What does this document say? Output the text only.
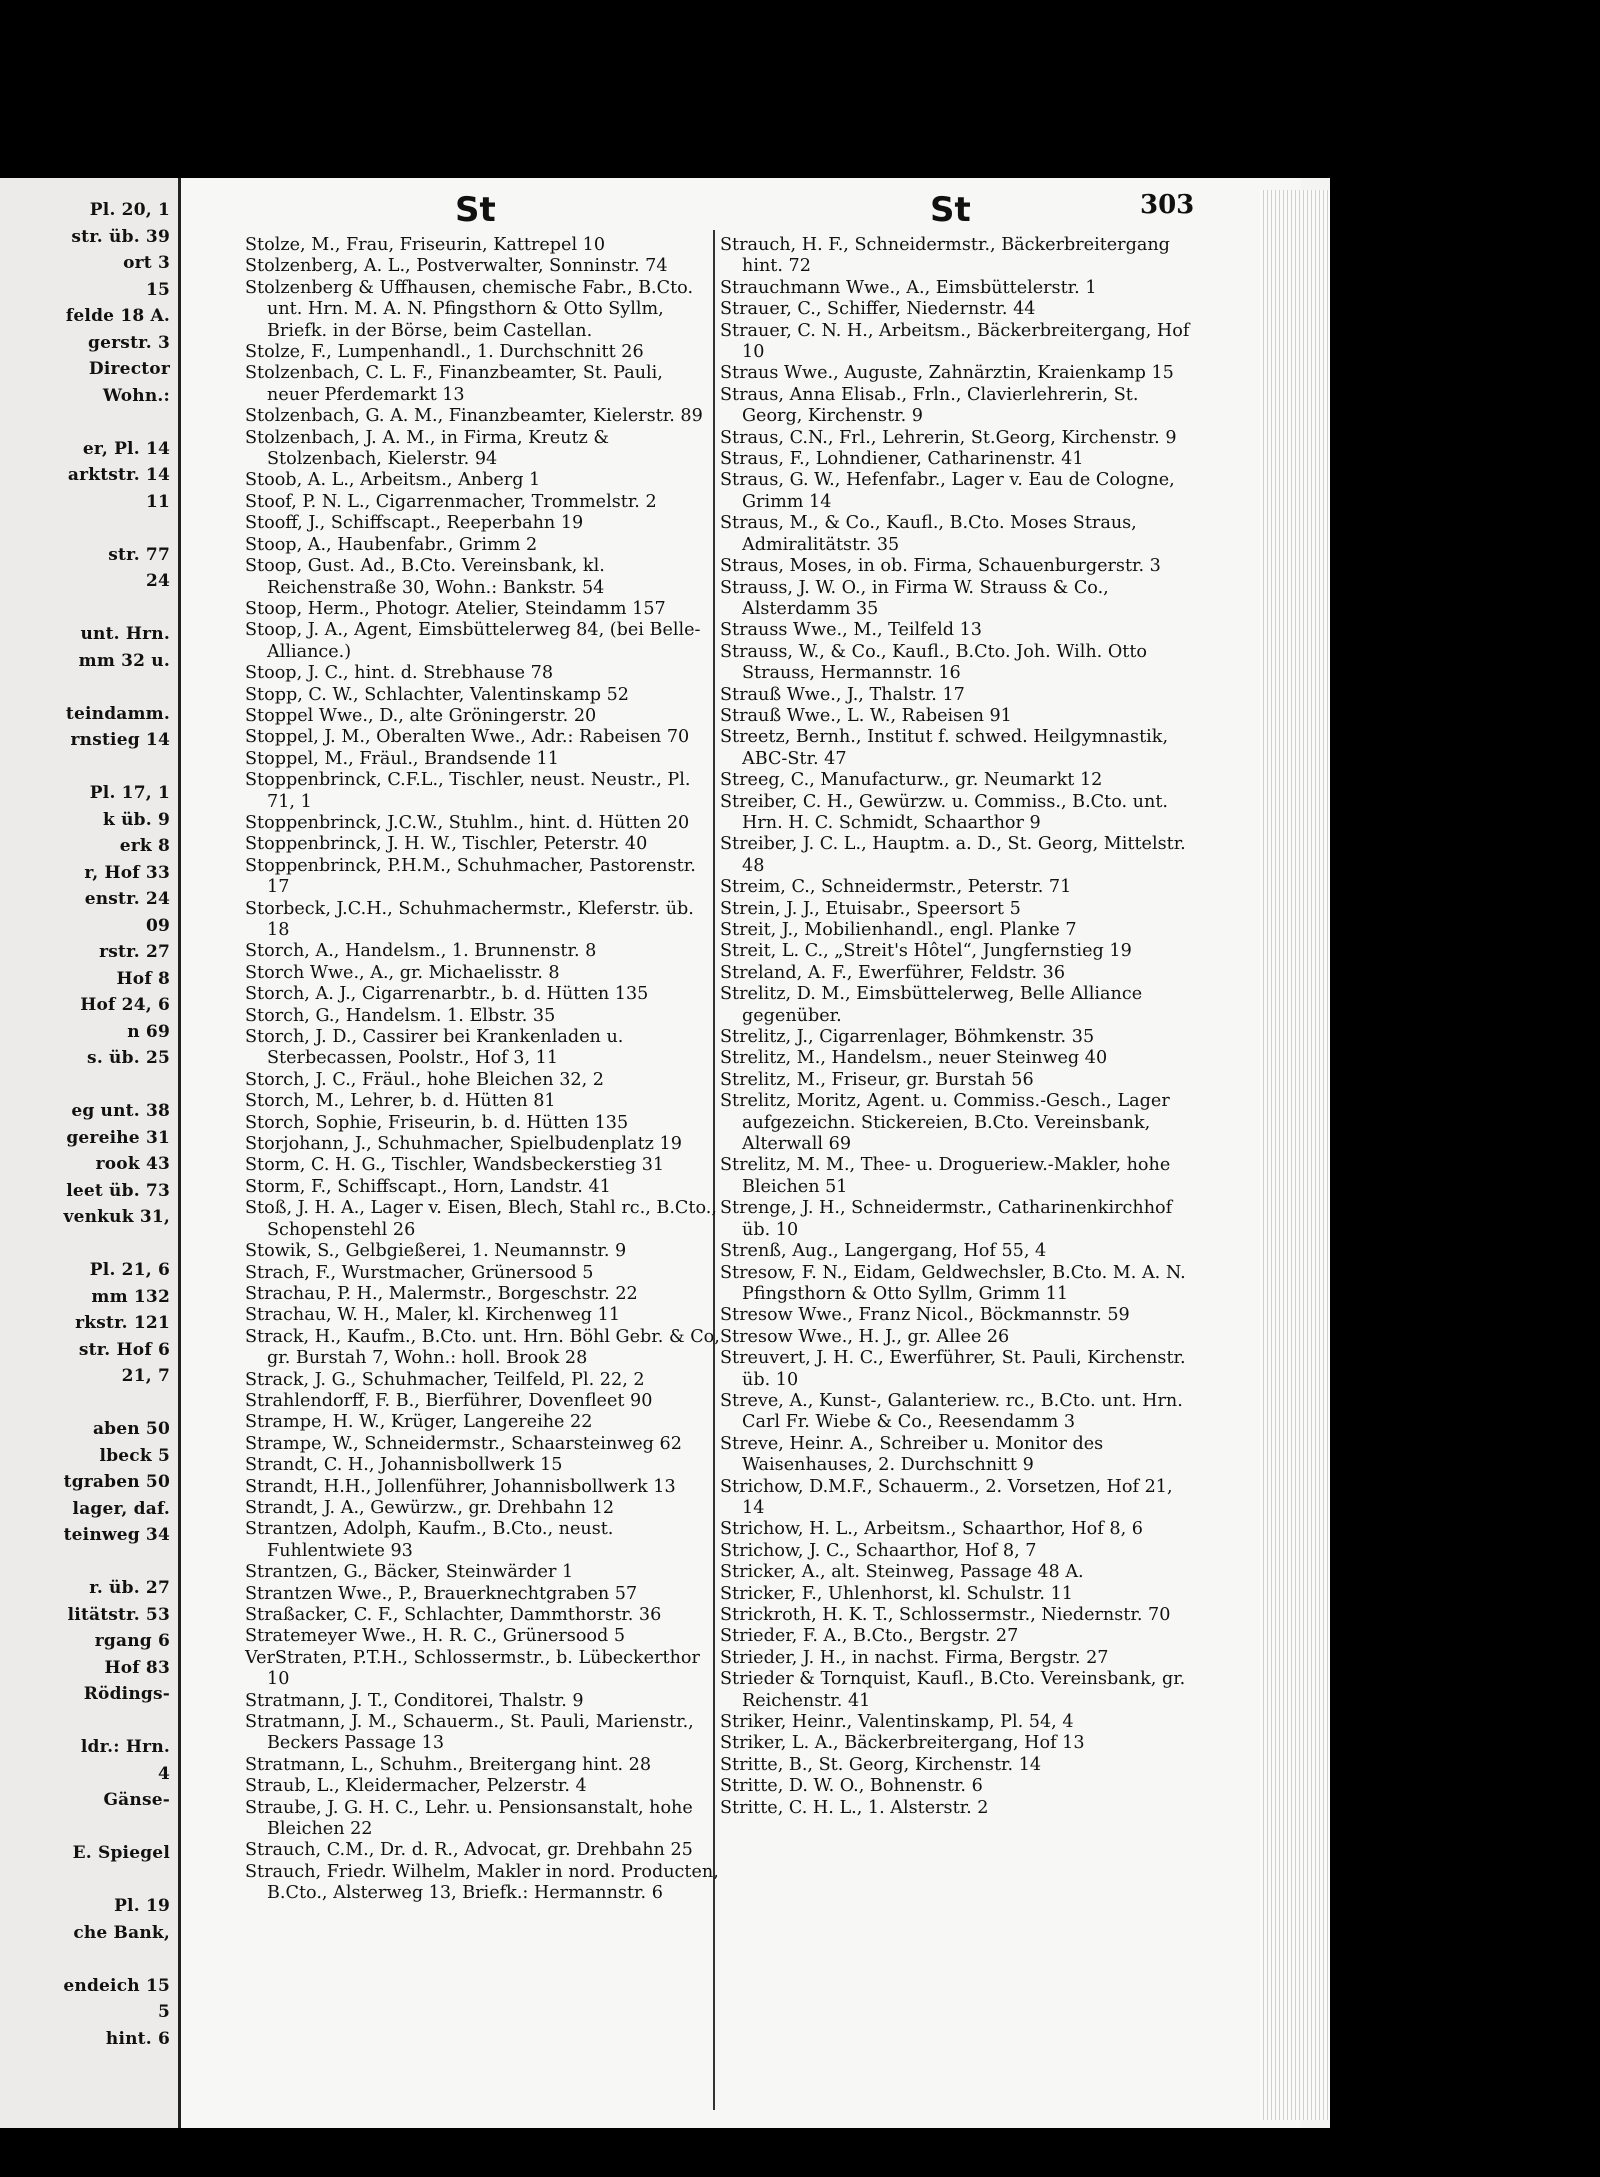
Pl. 20, 1
str. üb. 39
ort 3
15
felde 18 A.
gerstr. 3
Director
Wohn.:
er, Pl. 14
arktstr. 14
11
str. 77
24
unt. Hrn.
mm 32 u.
teindamm.
rnstieg 14
Pl. 17, 1
k üb. 9
erk 8
r, Hof 33
enstr. 24
09
rstr. 27
Hof 8
Hof 24, 6
n 69
s. üb. 25
eg unt. 38
gereihe 31
rook 43
leet üb. 73
venkuk 31,
Pl. 21, 6
mm 132
rkstr. 121
str. Hof 6
21, 7
aben 50
lbeck 5
tgraben 50
lager, daf.
teinweg 34
r. üb. 27
litätstr. 53
rgang 6
Hof 83
Rödings-
ldr.: Hrn.
4
Gänse-
E. Spiegel
Pl. 19
che Bank,
endeich 15
5
hint. 6
St	St	303
Stolze, M., Frau, Friseurin, Kattrepel 10
Stolzenberg, A. L., Postverwalter, Sonninstr. 74
Stolzenberg & Uffhausen, chemische Fabr., B.Cto. unt. Hrn. M. A. N. Pfingsthorn & Otto Syllm, Briefk. in der Börse, beim Castellan.
Stolze, F., Lumpenhandl., 1. Durchschnitt 26
Stolzenbach, C. L. F., Finanzbeamter, St. Pauli, neuer Pferdemarkt 13
Stolzenbach, G. A. M., Finanzbeamter, Kielerstr. 89
Stolzenbach, J. A. M., in Firma, Kreutz & Stolzenbach, Kielerstr. 94
Stoob, A. L., Arbeitsm., Anberg 1
Stoof, P. N. L., Cigarrenmacher, Trommelstr. 2
Stooff, J., Schiffscapt., Reeperbahn 19
Stoop, A., Haubenfabr., Grimm 2
Stoop, Gust. Ad., B.Cto. Vereinsbank, kl. Reichenstraße 30, Wohn.: Bankstr. 54
Stoop, Herm., Photogr. Atelier, Steindamm 157
Stoop, J. A., Agent, Eimsbüttelerweg 84, (bei Belle-Alliance.)
Stoop, J. C., hint. d. Strebhause 78
Stopp, C. W., Schlachter, Valentinskamp 52
Stoppel Wwe., D., alte Gröningerstr. 20
Stoppel, J. M., Oberalten Wwe., Adr.: Rabeisen 70
Stoppel, M., Fräul., Brandsende 11
Stoppenbrinck, C.F.L., Tischler, neust. Neustr., Pl. 71, 1
Stoppenbrinck, J.C.W., Stuhlm., hint. d. Hütten 20
Stoppenbrinck, J. H. W., Tischler, Peterstr. 40
Stoppenbrinck, P.H.M., Schuhmacher, Pastorenstr. 17
Storbeck, J.C.H., Schuhmachermstr., Kleferstr. üb. 18
Storch, A., Handelsm., 1. Brunnenstr. 8
Storch Wwe., A., gr. Michaelisstr. 8
Storch, A. J., Cigarrenarbtr., b. d. Hütten 135
Storch, G., Handelsm. 1. Elbstr. 35
Storch, J. D., Cassirer bei Krankenladen u. Sterbecassen, Poolstr., Hof 3, 11
Storch, J. C., Fräul., hohe Bleichen 32, 2
Storch, M., Lehrer, b. d. Hütten 81
Storch, Sophie, Friseurin, b. d. Hütten 135
Storjohann, J., Schuhmacher, Spielbudenplatz 19
Storm, C. H. G., Tischler, Wandsbeckerstieg 31
Storm, F., Schiffscapt., Horn, Landstr. 41
Stoß, J. H. A., Lager v. Eisen, Blech, Stahl rc., B.Cto., Schopenstehl 26
Stowik, S., Gelbgießerei, 1. Neumannstr. 9
Strach, F., Wurstmacher, Grünersood 5
Strachau, P. H., Malermstr., Borgeschstr. 22
Strachau, W. H., Maler, kl. Kirchenweg 11
Strack, H., Kaufm., B.Cto. unt. Hrn. Böhl Gebr. & Co, gr. Burstah 7, Wohn.: holl. Brook 28
Strack, J. G., Schuhmacher, Teilfeld, Pl. 22, 2
Strahlendorff, F. B., Bierführer, Dovenfleet 90
Strampe, H. W., Krüger, Langereihe 22
Strampe, W., Schneidermstr., Schaarsteinweg 62
Strandt, C. H., Johannisbollwerk 15
Strandt, H.H., Jollenführer, Johannisbollwerk 13
Strandt, J. A., Gewürzw., gr. Drehbahn 12
Strantzen, Adolph, Kaufm., B.Cto., neust. Fuhlentwiete 93
Strantzen, G., Bäcker, Steinwärder 1
Strantzen Wwe., P., Brauerknechtgraben 57
Straßacker, C. F., Schlachter, Dammthorstr. 36
Stratemeyer Wwe., H. R. C., Grünersood 5
VerStraten, P.T.H., Schlossermstr., b. Lübeckerthor 10
Stratmann, J. T., Conditorei, Thalstr. 9
Stratmann, J. M., Schauerm., St. Pauli, Marienstr., Beckers Passage 13
Stratmann, L., Schuhm., Breitergang hint. 28
Straub, L., Kleidermacher, Pelzerstr. 4
Straube, J. G. H. C., Lehr. u. Pensionsanstalt, hohe Bleichen 22
Strauch, C.M., Dr. d. R., Advocat, gr. Drehbahn 25
Strauch, Friedr. Wilhelm, Makler in nord. Producten, B.Cto., Alsterweg 13, Briefk.: Hermannstr. 6
Strauch, H. F., Schneidermstr., Bäckerbreitergang hint. 72
Strauchmann Wwe., A., Eimsbüttelerstr. 1
Strauer, C., Schiffer, Niedernstr. 44
Strauer, C. N. H., Arbeitsm., Bäckerbreitergang, Hof 10
Straus Wwe., Auguste, Zahnärztin, Kraienkamp 15
Straus, Anna Elisab., Frln., Clavierlehrerin, St. Georg, Kirchenstr. 9
Straus, C.N., Frl., Lehrerin, St.Georg, Kirchenstr. 9
Straus, F., Lohndiener, Catharinenstr. 41
Straus, G. W., Hefenfabr., Lager v. Eau de Cologne, Grimm 14
Straus, M., & Co., Kaufl., B.Cto. Moses Straus, Admiralitätstr. 35
Straus, Moses, in ob. Firma, Schauenburgerstr. 3
Strauss, J. W. O., in Firma W. Strauss & Co., Alsterdamm 35
Strauss Wwe., M., Teilfeld 13
Strauss, W., & Co., Kaufl., B.Cto. Joh. Wilh. Otto Strauss, Hermannstr. 16
Strauß Wwe., J., Thalstr. 17
Strauß Wwe., L. W., Rabeisen 91
Streetz, Bernh., Institut f. schwed. Heilgymnastik, ABC-Str. 47
Streeg, C., Manufacturw., gr. Neumarkt 12
Streiber, C. H., Gewürzw. u. Commiss., B.Cto. unt. Hrn. H. C. Schmidt, Schaarthor 9
Streiber, J. C. L., Hauptm. a. D., St. Georg, Mittelstr. 48
Streim, C., Schneidermstr., Peterstr. 71
Strein, J. J., Etuisabr., Speersort 5
Streit, J., Mobilienhandl., engl. Planke 7
Streit, L. C., „Streit's Hôtel“, Jungfernstieg 19
Streland, A. F., Ewerführer, Feldstr. 36
Strelitz, D. M., Eimsbüttelerweg, Belle Alliance gegenüber.
Strelitz, J., Cigarrenlager, Böhmkenstr. 35
Strelitz, M., Handelsm., neuer Steinweg 40
Strelitz, M., Friseur, gr. Burstah 56
Strelitz, Moritz, Agent. u. Commiss.-Gesch., Lager aufgezeichn. Stickereien, B.Cto. Vereinsbank, Alterwall 69
Strelitz, M. M., Thee- u. Drogueriew.-Makler, hohe Bleichen 51
Strenge, J. H., Schneidermstr., Catharinenkirchhof üb. 10
Strenß, Aug., Langergang, Hof 55, 4
Stresow, F. N., Eidam, Geldwechsler, B.Cto. M. A. N. Pfingsthorn & Otto Syllm, Grimm 11
Stresow Wwe., Franz Nicol., Böckmannstr. 59
Stresow Wwe., H. J., gr. Allee 26
Streuvert, J. H. C., Ewerführer, St. Pauli, Kirchenstr. üb. 10
Streve, A., Kunst-, Galanteriew. rc., B.Cto. unt. Hrn. Carl Fr. Wiebe & Co., Reesendamm 3
Streve, Heinr. A., Schreiber u. Monitor des Waisenhauses, 2. Durchschnitt 9
Strichow, D.M.F., Schauerm., 2. Vorsetzen, Hof 21, 14
Strichow, H. L., Arbeitsm., Schaarthor, Hof 8, 6
Strichow, J. C., Schaarthor, Hof 8, 7
Stricker, A., alt. Steinweg, Passage 48 A.
Stricker, F., Uhlenhorst, kl. Schulstr. 11
Strickroth, H. K. T., Schlossermstr., Niedernstr. 70
Strieder, F. A., B.Cto., Bergstr. 27
Strieder, J. H., in nachst. Firma, Bergstr. 27
Strieder & Tornquist, Kaufl., B.Cto. Vereinsbank, gr. Reichenstr. 41
Striker, Heinr., Valentinskamp, Pl. 54, 4
Striker, L. A., Bäckerbreitergang, Hof 13
Stritte, B., St. Georg, Kirchenstr. 14
Stritte, D. W. O., Bohnenstr. 6
Stritte, C. H. L., 1. Alsterstr. 2
